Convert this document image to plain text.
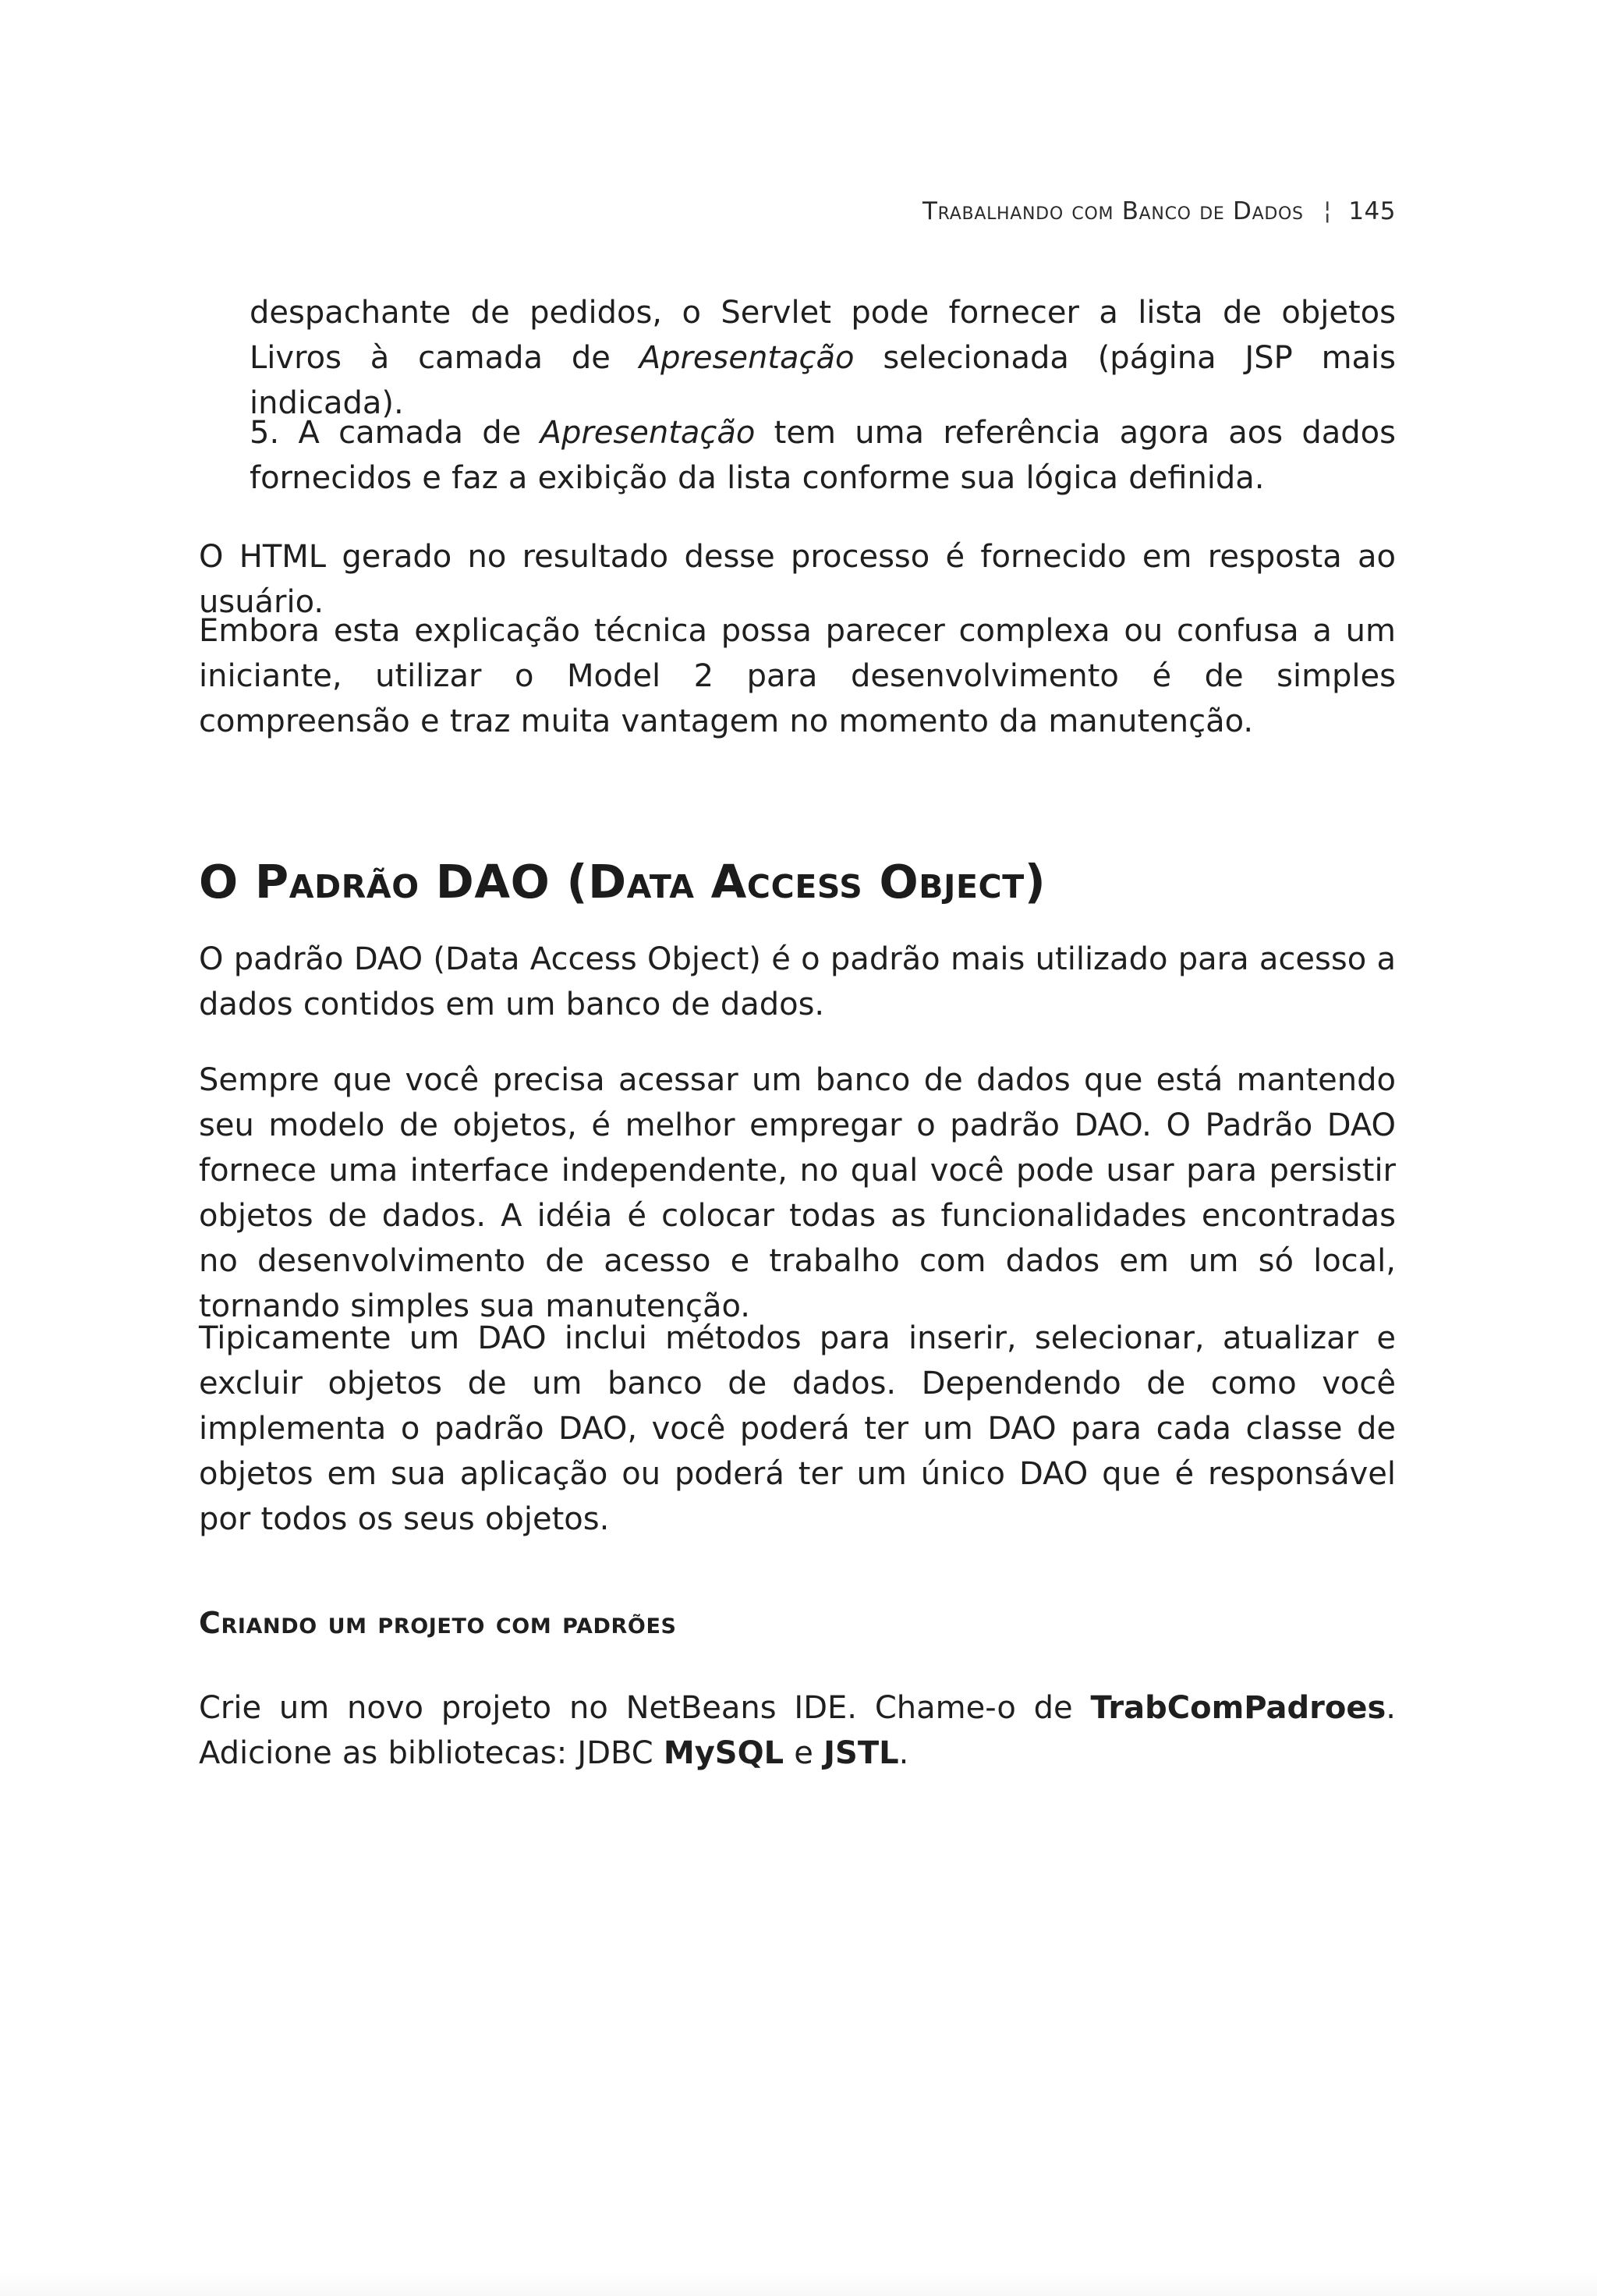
Trabalhando com Banco de Dados ¦ 145
despachante de pedidos, o Servlet pode fornecer a lista de objetos Livros à camada de Apresentação selecionada (página JSP mais indicada).
5. A camada de Apresentação tem uma referência agora aos dados fornecidos e faz a exibição da lista conforme sua lógica definida.

O HTML gerado no resultado desse processo é fornecido em resposta ao usuário.

Embora esta explicação técnica possa parecer complexa ou confusa a um iniciante, utilizar o Model 2 para desenvolvimento é de simples compreensão e traz muita vantagem no momento da manutenção.

O Padrão DAO (Data Access Object)

O padrão DAO (Data Access Object) é o padrão mais utilizado para acesso a dados contidos em um banco de dados.

Sempre que você precisa acessar um banco de dados que está mantendo seu modelo de objetos, é melhor empregar o padrão DAO. O Padrão DAO fornece uma interface independente, no qual você pode usar para persistir objetos de dados. A idéia é colocar todas as funcionalidades encontradas no desenvolvimento de acesso e trabalho com dados em um só local, tornando simples sua manutenção.

Tipicamente um DAO inclui métodos para inserir, selecionar, atualizar e excluir objetos de um banco de dados. Dependendo de como você implementa o padrão DAO, você poderá ter um DAO para cada classe de objetos em sua aplicação ou poderá ter um único DAO que é responsável por todos os seus objetos.

Criando um projeto com padrões
Crie um novo projeto no NetBeans IDE. Chame-o de TrabComPadroes. Adicione as bibliotecas: JDBC MySQL e JSTL.
